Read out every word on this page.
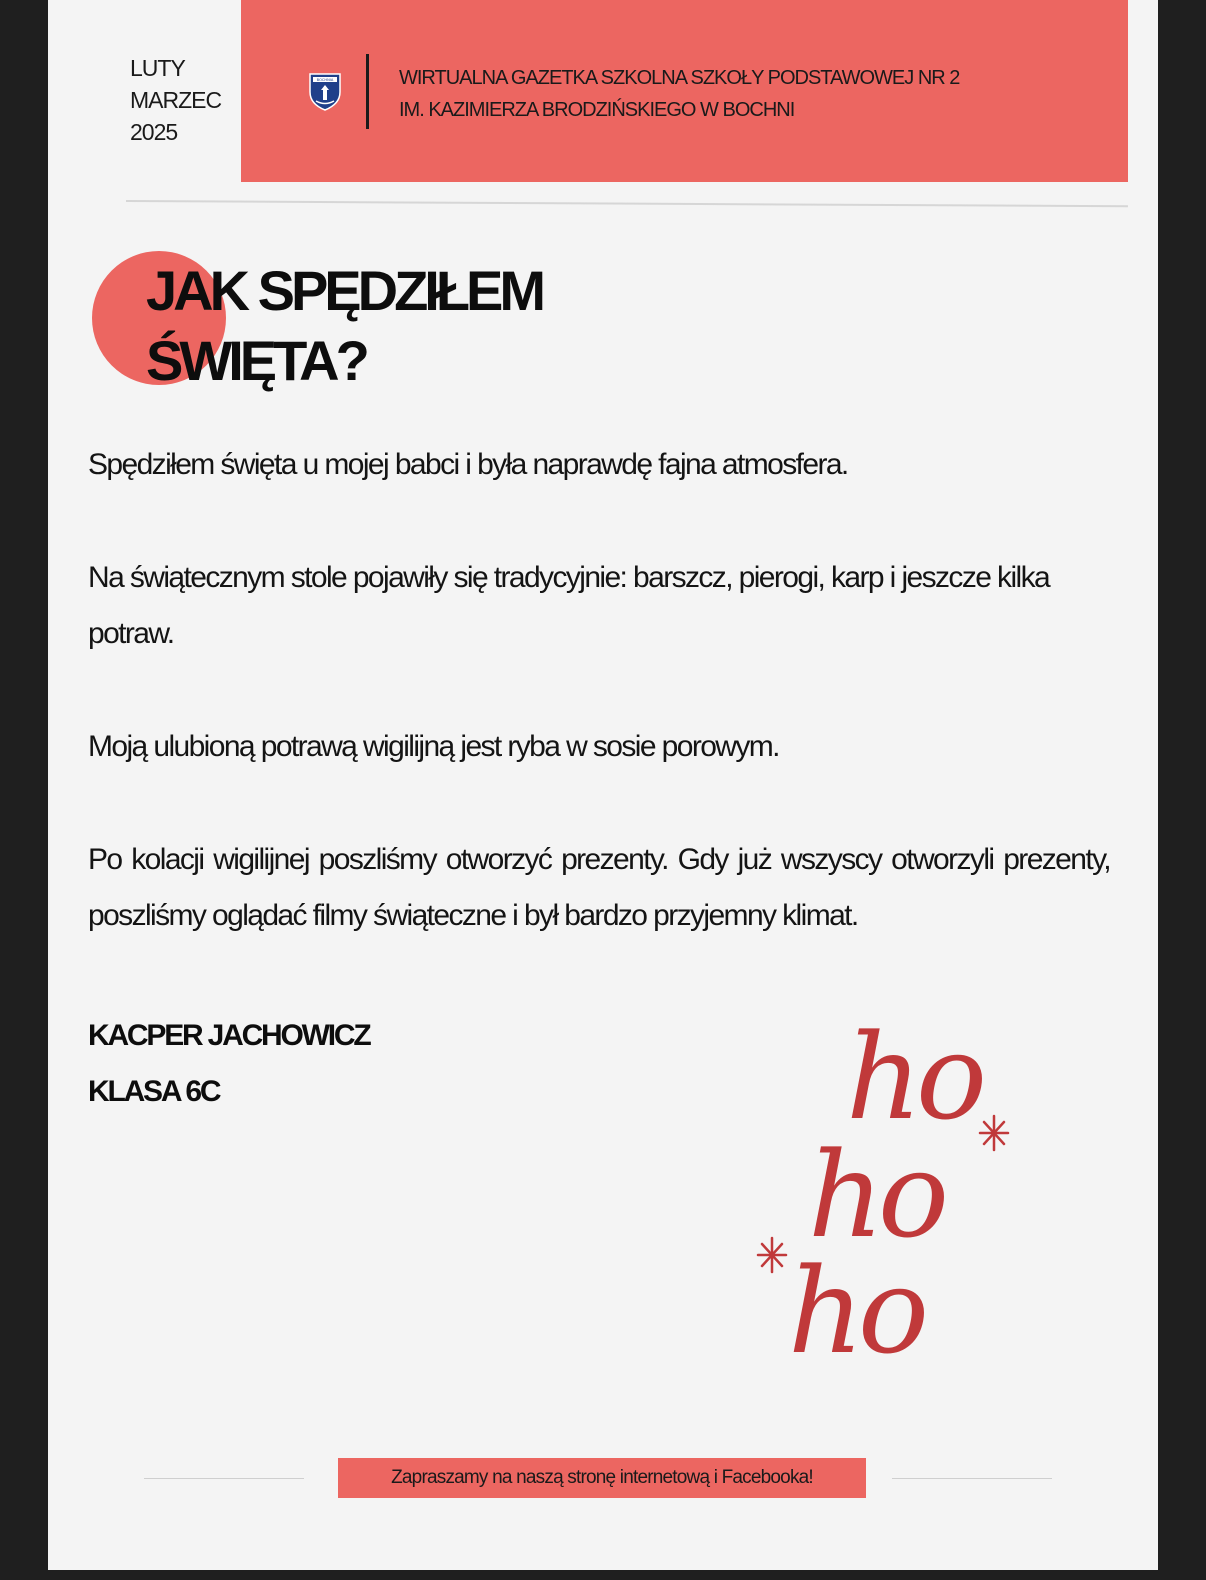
LUTY
MARZEC
2025
BOCHNIA	WIRTUALNA GAZETKA SZKOLNA SZKOŁY PODSTAWOWEJ NR 2
IM. KAZIMIERZA BRODZIŃSKIEGO W BOCHNI
JAK SPĘDZIŁEM
ŚWIĘTA?
Spędziłem święta u mojej babci i była naprawdę fajna atmosfera.
Na świątecznym stole pojawiły się tradycyjnie: barszcz, pierogi, karp i jeszcze kilka potraw.
Moją ulubioną potrawą wigilijną jest ryba w sosie porowym.
Po kolacji wigilijnej poszliśmy otworzyć prezenty. Gdy już wszyscy otworzyli prezenty, poszliśmy oglądać filmy świąteczne i był bardzo przyjemny klimat.
KACPER JACHOWICZ
KLASA 6C	ho
ho
ho
Zapraszamy na naszą stronę internetową i Facebooka!
